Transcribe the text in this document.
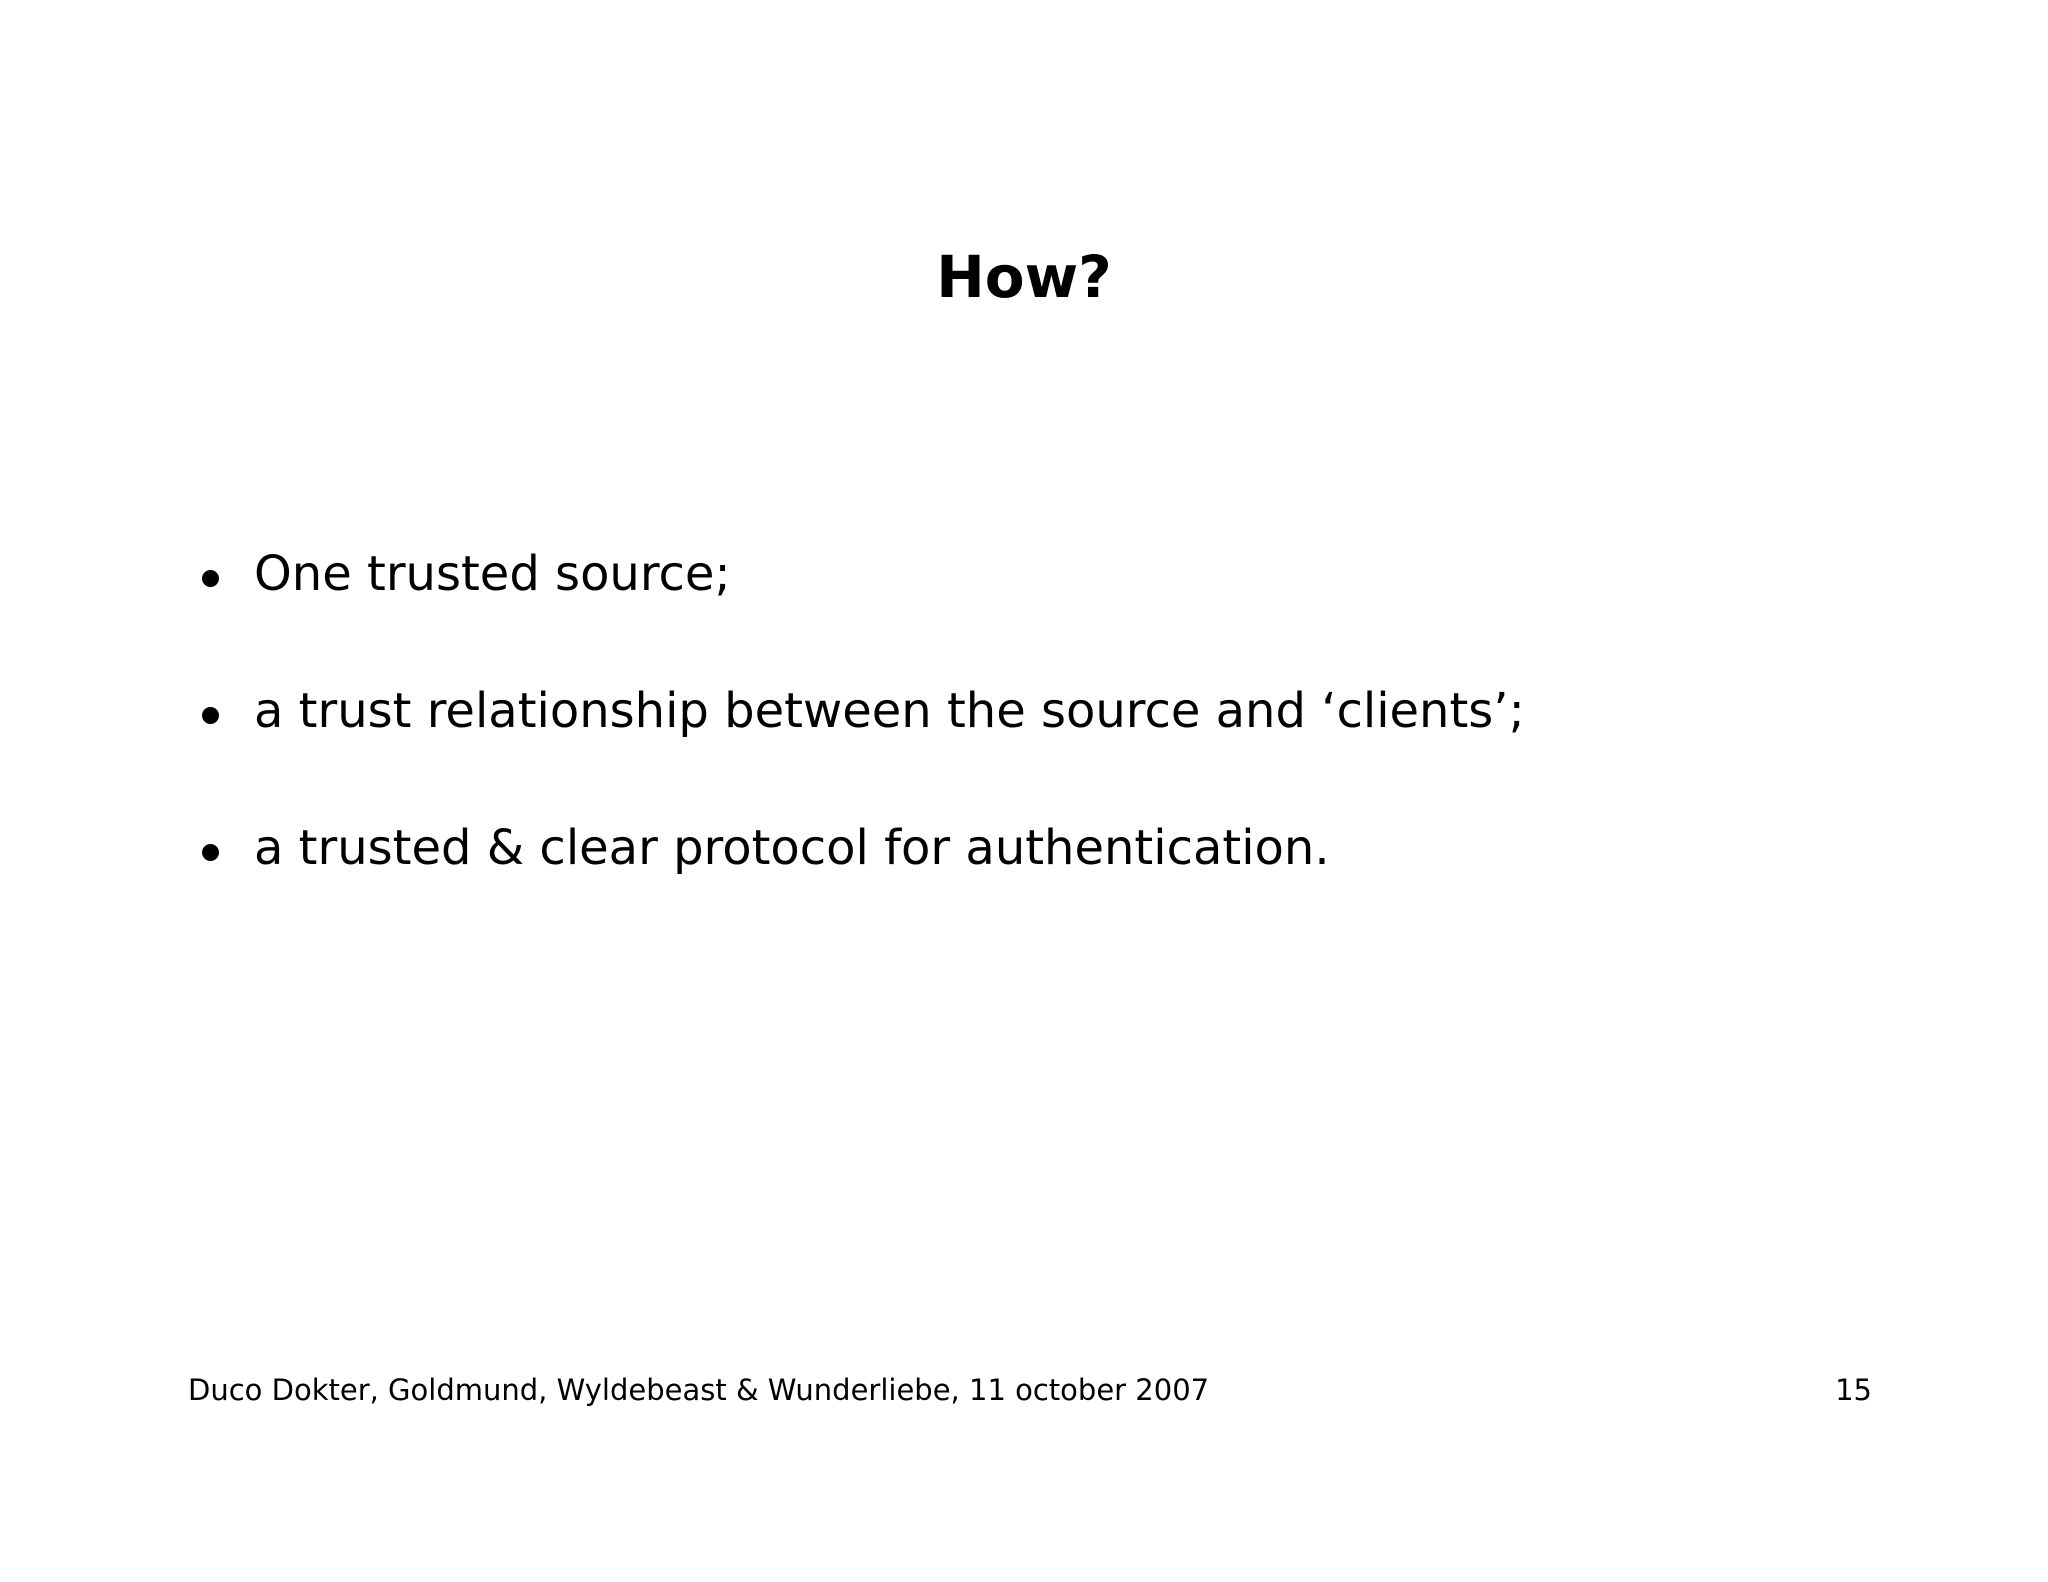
How?
One trusted source;
a trust relationship between the source and ‘clients’;
a trusted & clear protocol for authentication.
Duco Dokter, Goldmund, Wyldebeast & Wunderliebe, 11 october 2007	15
